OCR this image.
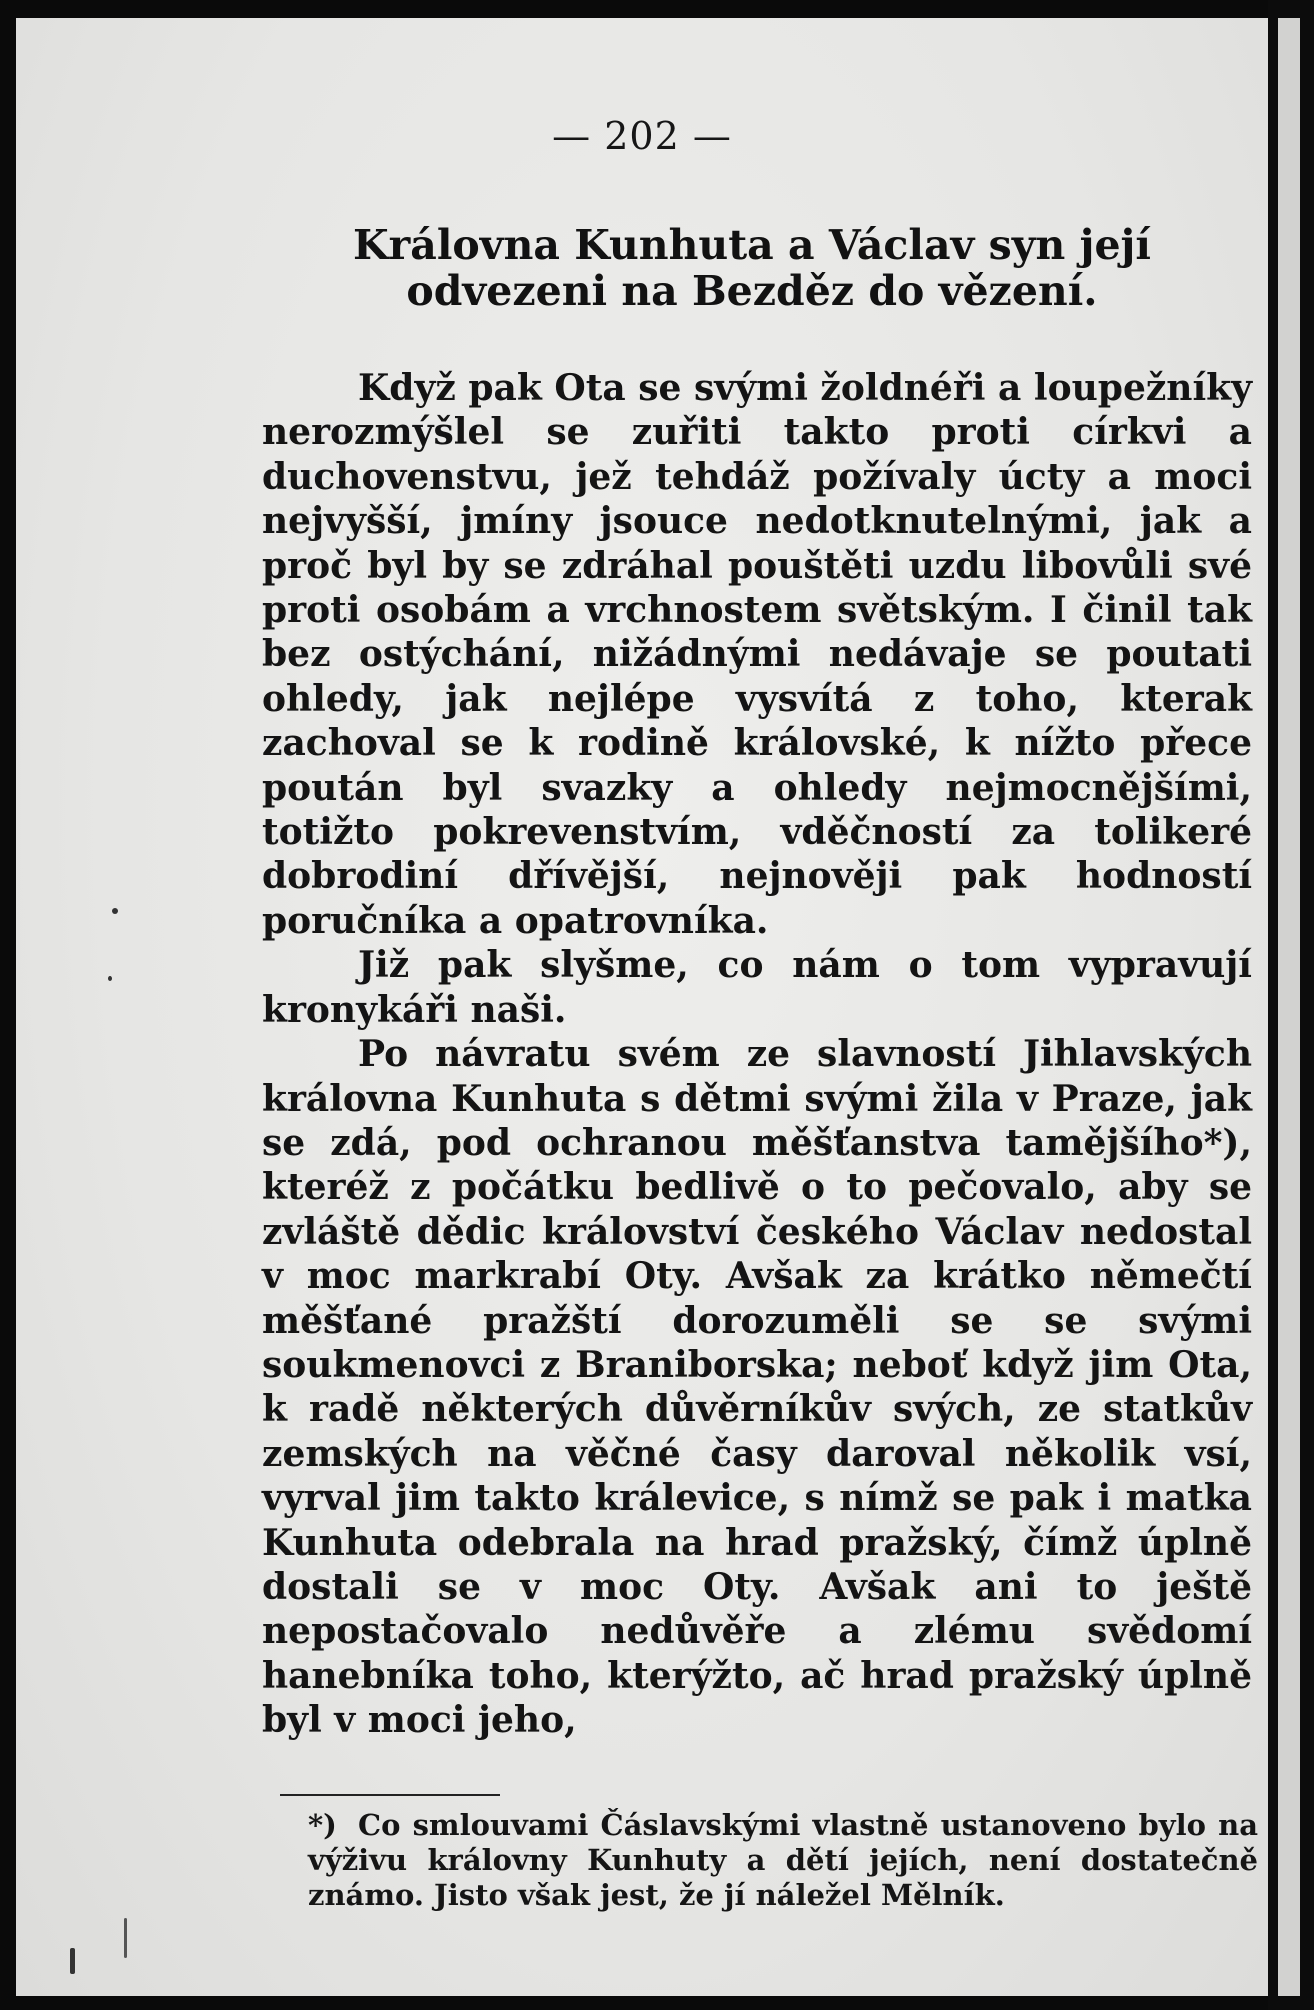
— 202 —
Královna Kunhuta a Václav syn její odvezeni na Bezděz do vězení.

Když pak Ota se svými žoldnéři a loupežníky nerozmýšlel se zuřiti takto proti církvi a duchovenstvu, jež tehdáž požívaly úcty a moci nejvyšší, jmíny jsouce nedotknutelnými, jak a proč byl by se zdráhal pouštěti uzdu libovůli své proti osobám a vrchnostem světským. I činil tak bez ostýchání, nižádnými nedávaje se poutati ohledy, jak nejlépe vysvítá z toho, kterak zachoval se k rodině královské, k nížto přece poután byl svazky a ohledy nejmocnějšími, totižto pokrevenstvím, vděčností za tolikeré dobrodiní dřívější, nejnověji pak hodností poručníka a opatrovníka.

Již pak slyšme, co nám o tom vypravují kronykáři naši.

Po návratu svém ze slavností Jihlavských královna Kunhuta s dětmi svými žila v Praze, jak se zdá, pod ochranou měšťanstva tamějšího*), kteréž z počátku bedlivě o to pečovalo, aby se zvláště dědic království českého Václav nedostal v moc markrabí Oty. Avšak za krátko němečtí měšťané pražští dorozuměli se se svými soukmenovci z Braniborska; neboť když jim Ota, k radě některých důvěrníkův svých, ze statkův zemských na věčné časy daroval několik vsí, vyrval jim takto králevice, s nímž se pak i matka Kunhuta odebrala na hrad pražský, čímž úplně dostali se v moc Oty. Avšak ani to ještě nepostačovalo nedůvěře a zlému svědomí hanebníka toho, kterýžto, ač hrad pražský úplně byl v moci jeho,

*) Co smlouvami Čáslavskými vlastně ustanoveno bylo na výživu královny Kunhuty a dětí jejích, není dostatečně známo. Jisto však jest, že jí náležel Mělník.
